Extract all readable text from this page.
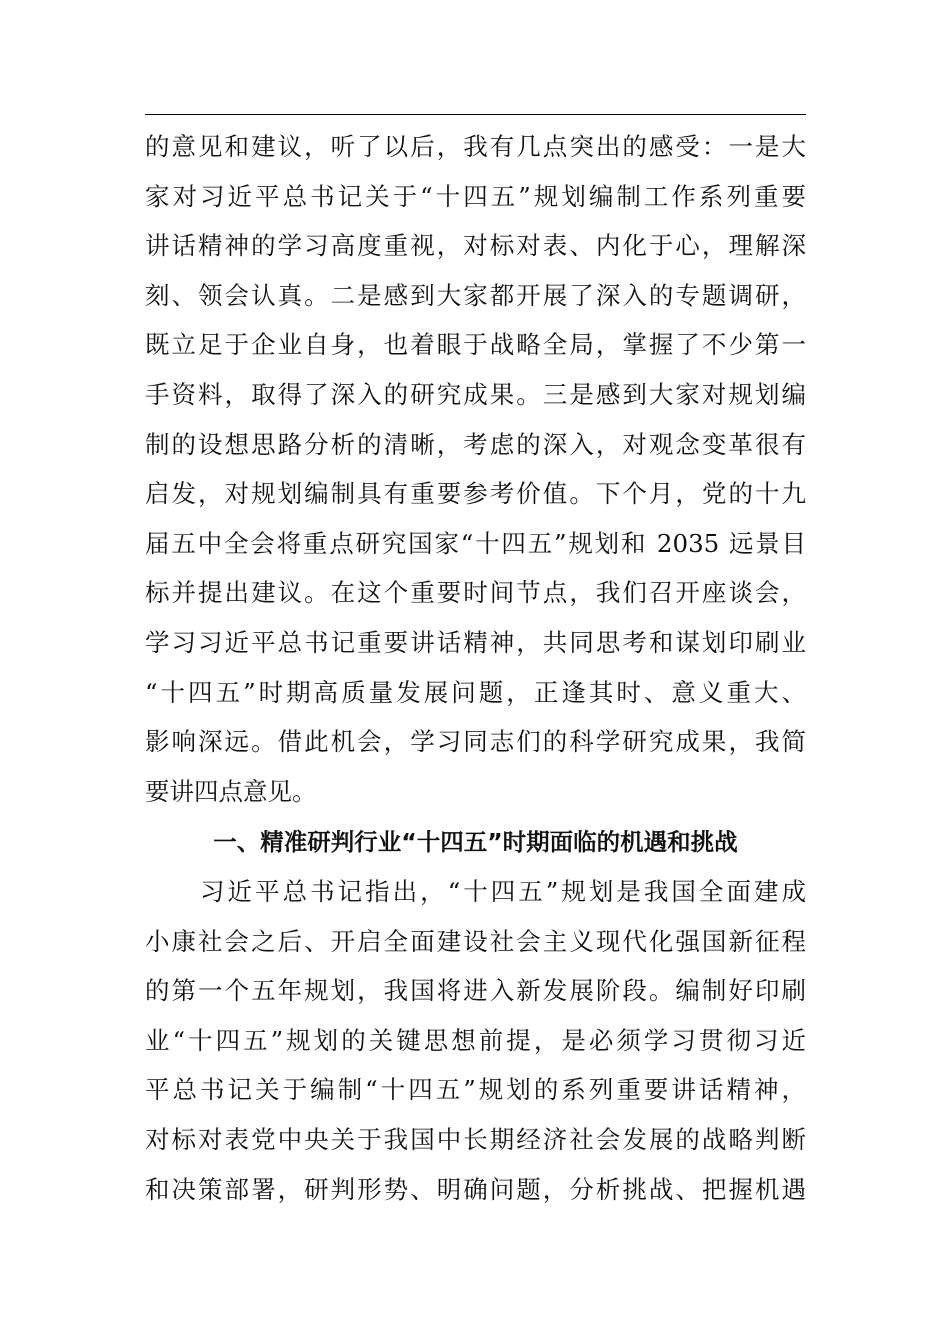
的意见和建议，听了以后，我有几点突出的感受：一是大
家对习近平总书记关于“十四五”规划编制工作系列重要
讲话精神的学习高度重视，对标对表、内化于心，理解深
刻、领会认真。二是感到大家都开展了深入的专题调研，
既立足于企业自身，也着眼于战略全局，掌握了不少第一
手资料，取得了深入的研究成果。三是感到大家对规划编
制的设想思路分析的清晰，考虑的深入，对观念变革很有
启发，对规划编制具有重要参考价值。下个月，党的十九
届五中全会将重点研究国家“十四五”规划和 2035 远景目
标并提出建议。在这个重要时间节点，我们召开座谈会，
学习习近平总书记重要讲话精神，共同思考和谋划印刷业
“十四五”时期高质量发展问题，正逢其时、意义重大、
影响深远。借此机会，学习同志们的科学研究成果，我简
要讲四点意见。
一、精准研判行业“十四五”时期面临的机遇和挑战
　　习近平总书记指出，“十四五”规划是我国全面建成
小康社会之后、开启全面建设社会主义现代化强国新征程
的第一个五年规划，我国将进入新发展阶段。编制好印刷
业“十四五”规划的关键思想前提，是必须学习贯彻习近
平总书记关于编制“十四五”规划的系列重要讲话精神，
对标对表党中央关于我国中长期经济社会发展的战略判断
和决策部署，研判形势、明确问题，分析挑战、把握机遇
